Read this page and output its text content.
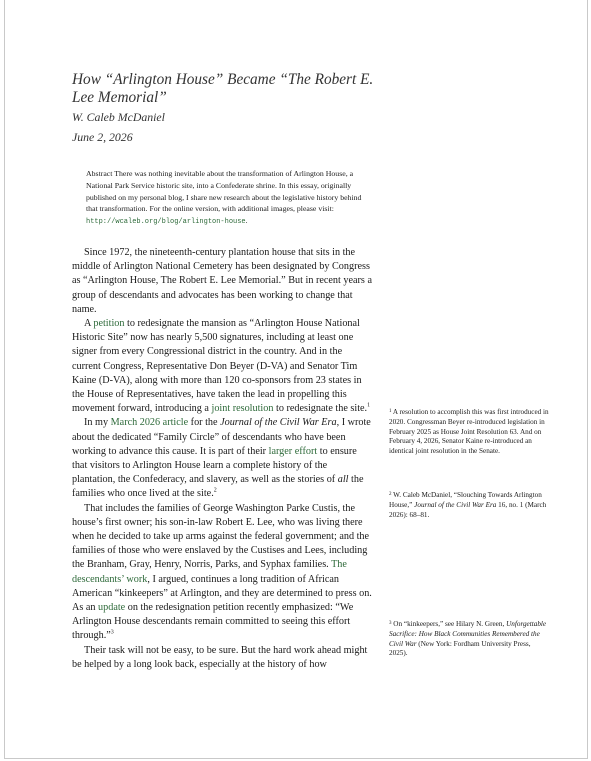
How “Arlington House” Became “The Robert E. Lee Memorial”
W. Caleb McDaniel
June 2, 2026
Abstract There was nothing inevitable about the transformation of Arlington House, a National Park Service historic site, into a Confederate shrine. In this essay, originally published on my personal blog, I share new research about the legislative history behind that transformation. For the online version, with additional images, please visit: http://wcaleb.org/blog/arlington-house.

Since 1972, the nineteenth-century plantation house that sits in the middle of Arlington National Cemetery has been designated by Congress as “Arlington House, The Robert E. Lee Memorial.” But in recent years a group of descendants and advocates has been working to change that name.

A petition to redesignate the mansion as “Arlington House National Historic Site” now has nearly 5,500 signatures, including at least one signer from every Congressional district in the country. And in the current Congress, Representative Don Beyer (D-VA) and Senator Tim Kaine (D-VA), along with more than 120 co-sponsors from 23 states in the House of Representatives, have taken the lead in propelling this movement forward, introducing a joint resolution to redesignate the site.$^1$

In my March 2026 article for the Journal of the Civil War Era, I wrote about the dedicated “Family Circle” of descendants who have been working to advance this cause. It is part of their larger effort to ensure that visitors to Arlington House learn a complete history of the plantation, the Confederacy, and slavery, as well as the stories of all the families who once lived at the site.$^2$

That includes the families of George Washington Parke Custis, the house’s first owner; his son-in-law Robert E. Lee, who was living there when he decided to take up arms against the federal government; and the families of those who were enslaved by the Custises and Lees, including the Branham, Gray, Henry, Norris, Parks, and Syphax families. The descendants’ work, I argued, continues a long tradition of African American “kinkeepers” at Arlington, and they are determined to press on. As an update on the redesignation petition recently emphasized: “We Arlington House descendants remain committed to seeing this effort through.”$^3$

Their task will not be easy, to be sure. But the hard work ahead might be helped by a long look back, especially at the history of how

$^1$ A resolution to accomplish this was first introduced in 2020. Congressman Beyer re-introduced legislation in February 2025 as House Joint Resolution 63. And on February 4, 2026, Senator Kaine re-introduced an identical joint resolution in the Senate.
$^2$ W. Caleb McDaniel, “Slouching Towards Arlington House,” Journal of the Civil War Era 16, no. 1 (March 2026): 68–81.
$^3$ On “kinkeepers,” see Hilary N. Green, Unforgettable Sacrifice: How Black Communities Remembered the Civil War (New York: Fordham University Press, 2025).
